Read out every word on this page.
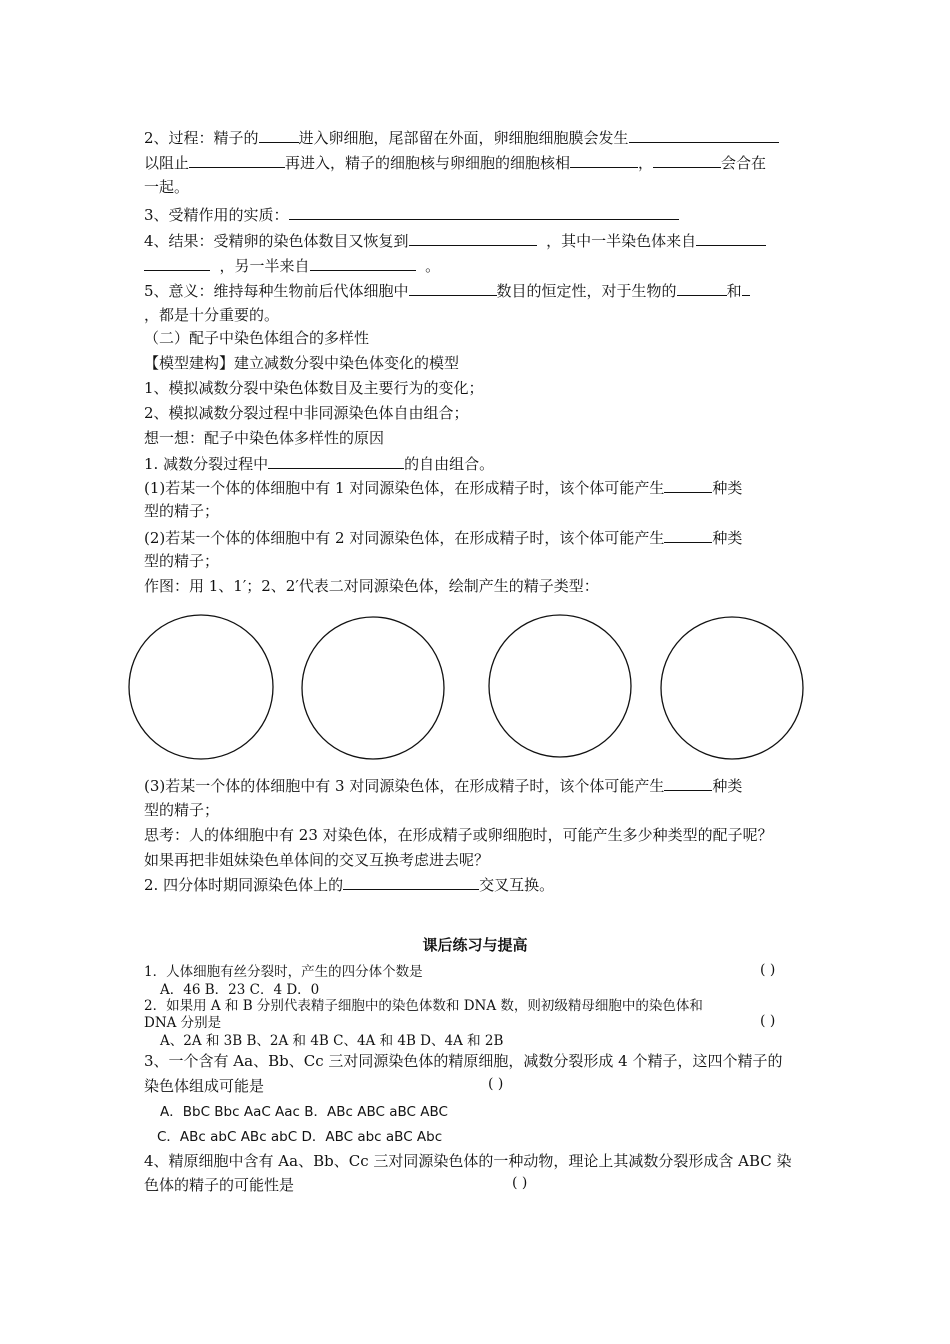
2、过程：精子的	进入卵细胞，尾部留在外面，卵细胞细胞膜会发生
以阻止	再进入，精子的细胞核与卵细胞的细胞核相	，	会合在
一起。
3、受精作用的实质：
4、结果：受精卵的染色体数目又恢复到	，其中一半染色体来自
，另一半来自	。
5、意义：维持每种生物前后代体细胞中	数目的恒定性，对于生物的	和
，都是十分重要的。
（二）配子中染色体组合的多样性
【模型建构】建立减数分裂中染色体变化的模型
1、模拟减数分裂中染色体数目及主要行为的变化；
2、模拟减数分裂过程中非同源染色体自由组合；
想一想：配子中染色体多样性的原因
1. 减数分裂过程中	的自由组合。
(1)若某一个体的体细胞中有 1 对同源染色体，在形成精子时，该个体可能产生	种类
型的精子；
(2)若某一个体的体细胞中有 2 对同源染色体，在形成精子时，该个体可能产生	种类
型的精子；
作图：用 1、1′；2、2′代表二对同源染色体，绘制产生的精子类型：
(3)若某一个体的体细胞中有 3 对同源染色体，在形成精子时，该个体可能产生	种类
型的精子；
思考：人的体细胞中有 23 对染色体，在形成精子或卵细胞时，可能产生多少种类型的配子呢？
如果再把非姐妹染色单体间的交叉互换考虑进去呢？
2. 四分体时期同源染色体上的	交叉互换。
课后练习与提高
1．人体细胞有丝分裂时，产生的四分体个数是	( )
A．46 B．23 C．4 D．0
2．如果用 A 和 B 分别代表精子细胞中的染色体数和 DNA 数，则初级精母细胞中的染色体和
DNA 分别是	( )
A、2A 和 3B B、2A 和 4B C、4A 和 4B D、4A 和 2B
3、一个含有 Aa、Bb、Cc 三对同源染色体的精原细胞，减数分裂形成 4 个精子，这四个精子的
染色体组成可能是	( )
A．BbC Bbc AaC Aac B．ABc ABC aBC ABC
C．ABc abC ABc abC D．ABC abc aBC Abc
4、精原细胞中含有 Aa、Bb、Cc 三对同源染色体的一种动物，理论上其减数分裂形成含 ABC 染
色体的精子的可能性是	( )
